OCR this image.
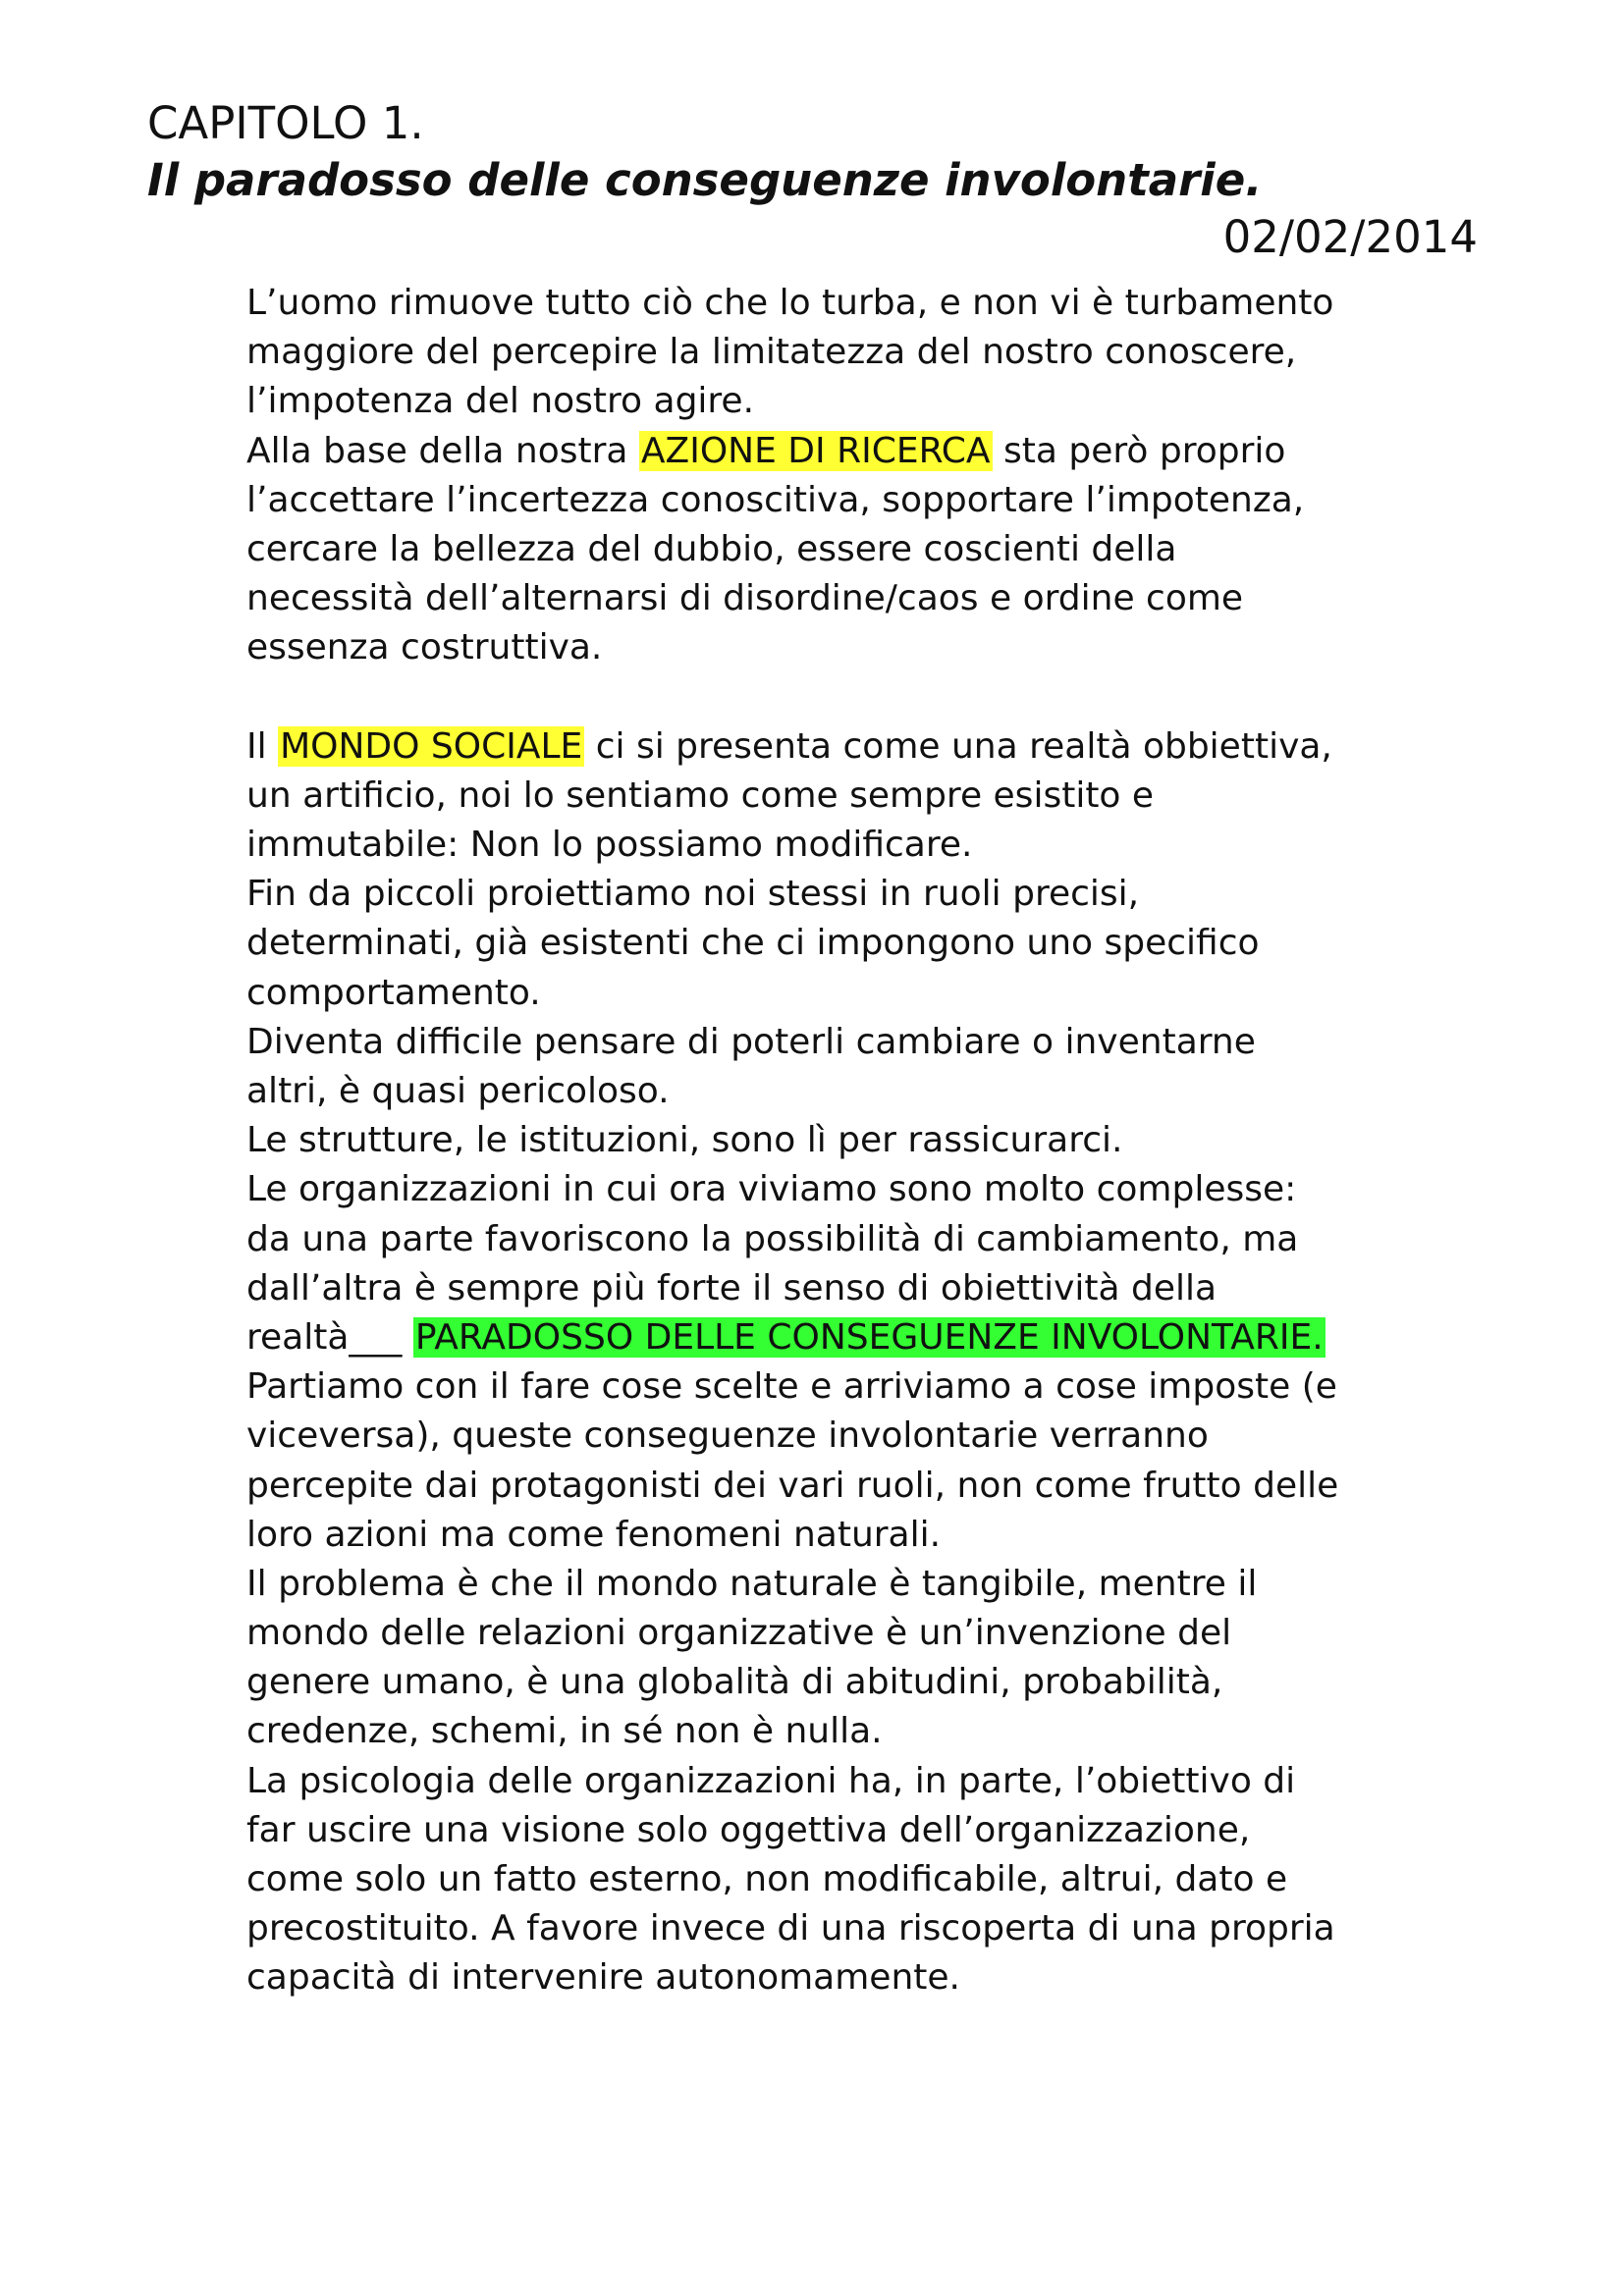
CAPITOLO 1.
Il paradosso delle conseguenze involontarie.
02/02/2014
L’uomo rimuove tutto ciò che lo turba, e non vi è turbamento
maggiore del percepire la limitatezza del nostro conoscere,
l’impotenza del nostro agire.
Alla base della nostra AZIONE DI RICERCA sta però proprio
l’accettare l’incertezza conoscitiva, sopportare l’impotenza,
cercare la bellezza del dubbio, essere coscienti della
necessità dell’alternarsi di disordine/caos e ordine come
essenza costruttiva.
Il MONDO SOCIALE ci si presenta come una realtà obbiettiva,
un artificio, noi lo sentiamo come sempre esistito e
immutabile: Non lo possiamo modificare.
Fin da piccoli proiettiamo noi stessi in ruoli precisi,
determinati, già esistenti che ci impongono uno specifico
comportamento.
Diventa difficile pensare di poterli cambiare o inventarne
altri, è quasi pericoloso.
Le strutture, le istituzioni, sono lì per rassicurarci.
Le organizzazioni in cui ora viviamo sono molto complesse:
da una parte favoriscono la possibilità di cambiamento, ma
dall’altra è sempre più forte il senso di obiettività della
realtà___ PARADOSSO DELLE CONSEGUENZE INVOLONTARIE.
Partiamo con il fare cose scelte e arriviamo a cose imposte (e
viceversa), queste conseguenze involontarie verranno
percepite dai protagonisti dei vari ruoli, non come frutto delle
loro azioni ma come fenomeni naturali.
Il problema è che il mondo naturale è tangibile, mentre il
mondo delle relazioni organizzative è un’invenzione del
genere umano, è una globalità di abitudini, probabilità,
credenze, schemi, in sé non è nulla.
La psicologia delle organizzazioni ha, in parte, l’obiettivo di
far uscire una visione solo oggettiva dell’organizzazione,
come solo un fatto esterno, non modificabile, altrui, dato e
precostituito. A favore invece di una riscoperta di una propria
capacità di intervenire autonomamente.
